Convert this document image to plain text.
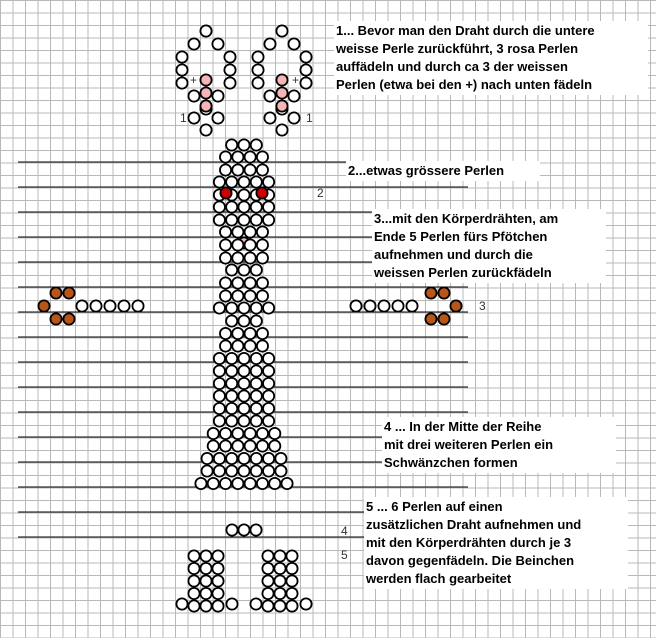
1... Bevor man den Draht durch die untere
weisse Perle zurückführt, 3 rosa Perlen
auffädeln und durch ca 3 der weissen
Perlen (etwa bei den +) nach unten fädeln

2...etwas grössere Perlen

3...mit den Körperdrähten, am
Ende 5 Perlen fürs Pfötchen
aufnehmen und durch die
weissen Perlen zurückfädeln

4 ... In der Mitte der Reihe
mit drei weiteren Perlen ein
Schwänzchen formen

5 ... 6 Perlen auf einen
zusätzlichen Draht aufnehmen und
mit den Körperdrähten durch je 3
davon gegenfädeln. Die Beinchen
werden flach gearbeitet

1	1
+	+
2
3
4
5
